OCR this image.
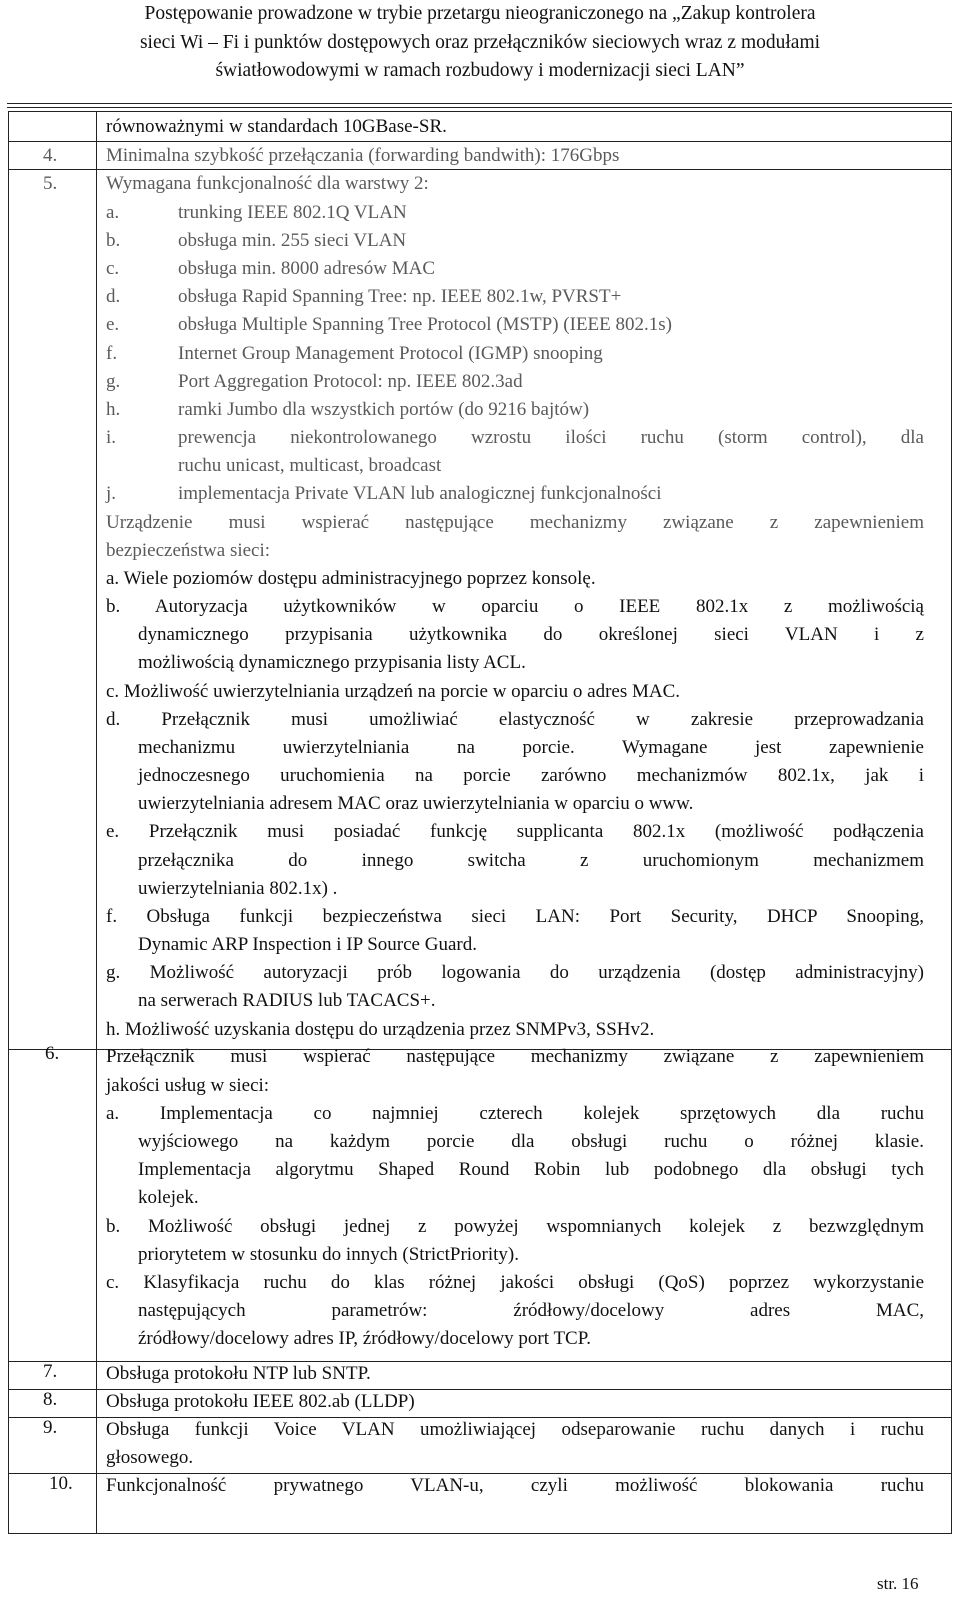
Postępowanie prowadzone w trybie przetargu nieograniczonego na „Zakup kontrolera
sieci Wi – Fi i punktów dostępowych oraz przełączników sieciowych wraz z modułami
światłowodowymi w ramach rozbudowy i modernizacji sieci LAN”
równoważnymi w standardach 10GBase-SR.
4.	Minimalna szybkość przełączania (forwarding bandwith): 176Gbps
5.	Wymagana funkcjonalność dla warstwy 2:
a.	trunking IEEE 802.1Q VLAN
b.	obsługa min. 255 sieci VLAN
c.	obsługa min. 8000 adresów MAC
d.	obsługa Rapid Spanning Tree: np. IEEE 802.1w, PVRST+
e.	obsługa Multiple Spanning Tree Protocol (MSTP) (IEEE 802.1s)
f.	Internet Group Management Protocol (IGMP) snooping
g.	Port Aggregation Protocol: np. IEEE 802.3ad
h.	ramki Jumbo dla wszystkich portów (do 9216 bajtów)
i.	prewencja niekontrolowanego wzrostu ilości ruchu (storm control), dla
ruchu unicast, multicast, broadcast
j.	implementacja Private VLAN lub analogicznej funkcjonalności
Urządzenie musi wspierać następujące mechanizmy związane z zapewnieniem
bezpieczeństwa sieci:
a. Wiele poziomów dostępu administracyjnego poprzez konsolę.
b. Autoryzacja użytkowników w oparciu o IEEE 802.1x z możliwością
dynamicznego przypisania użytkownika do określonej sieci VLAN i z
możliwością dynamicznego przypisania listy ACL.
c. Możliwość uwierzytelniania urządzeń na porcie w oparciu o adres MAC.
d. Przełącznik musi umożliwiać elastyczność w zakresie przeprowadzania
mechanizmu uwierzytelniania na porcie. Wymagane jest zapewnienie
jednoczesnego uruchomienia na porcie zarówno mechanizmów 802.1x, jak i
uwierzytelniania adresem MAC oraz uwierzytelniania w oparciu o www.
e. Przełącznik musi posiadać funkcję supplicanta 802.1x (możliwość podłączenia
przełącznika do innego switcha z uruchomionym mechanizmem
uwierzytelniania 802.1x) .
f. Obsługa funkcji bezpieczeństwa sieci LAN: Port Security, DHCP Snooping,
Dynamic ARP Inspection i IP Source Guard.
g. Możliwość autoryzacji prób logowania do urządzenia (dostęp administracyjny)
na serwerach RADIUS lub TACACS+.
h. Możliwość uzyskania dostępu do urządzenia przez SNMPv3, SSHv2.
6. Przełącznik musi wspierać następujące mechanizmy związane z zapewnieniem
jakości usług w sieci:
a. Implementacja co najmniej czterech kolejek sprzętowych dla ruchu
wyjściowego na każdym porcie dla obsługi ruchu o różnej klasie.
Implementacja algorytmu Shaped Round Robin lub podobnego dla obsługi tych
kolejek.
b. Możliwość obsługi jednej z powyżej wspomnianych kolejek z bezwzględnym
priorytetem w stosunku do innych (StrictPriority).
c. Klasyfikacja ruchu do klas różnej jakości obsługi (QoS) poprzez wykorzystanie
następujących parametrów: źródłowy/docelowy adres MAC,
źródłowy/docelowy adres IP, źródłowy/docelowy port TCP.
7.	Obsługa protokołu NTP lub SNTP.
8.	Obsługa protokołu IEEE 802.ab (LLDP)
9.	Obsługa funkcji Voice VLAN umożliwiającej odseparowanie ruchu danych i ruchu
głosowego.
10. Funkcjonalność prywatnego VLAN-u, czyli możliwość blokowania ruchu
str. 16
